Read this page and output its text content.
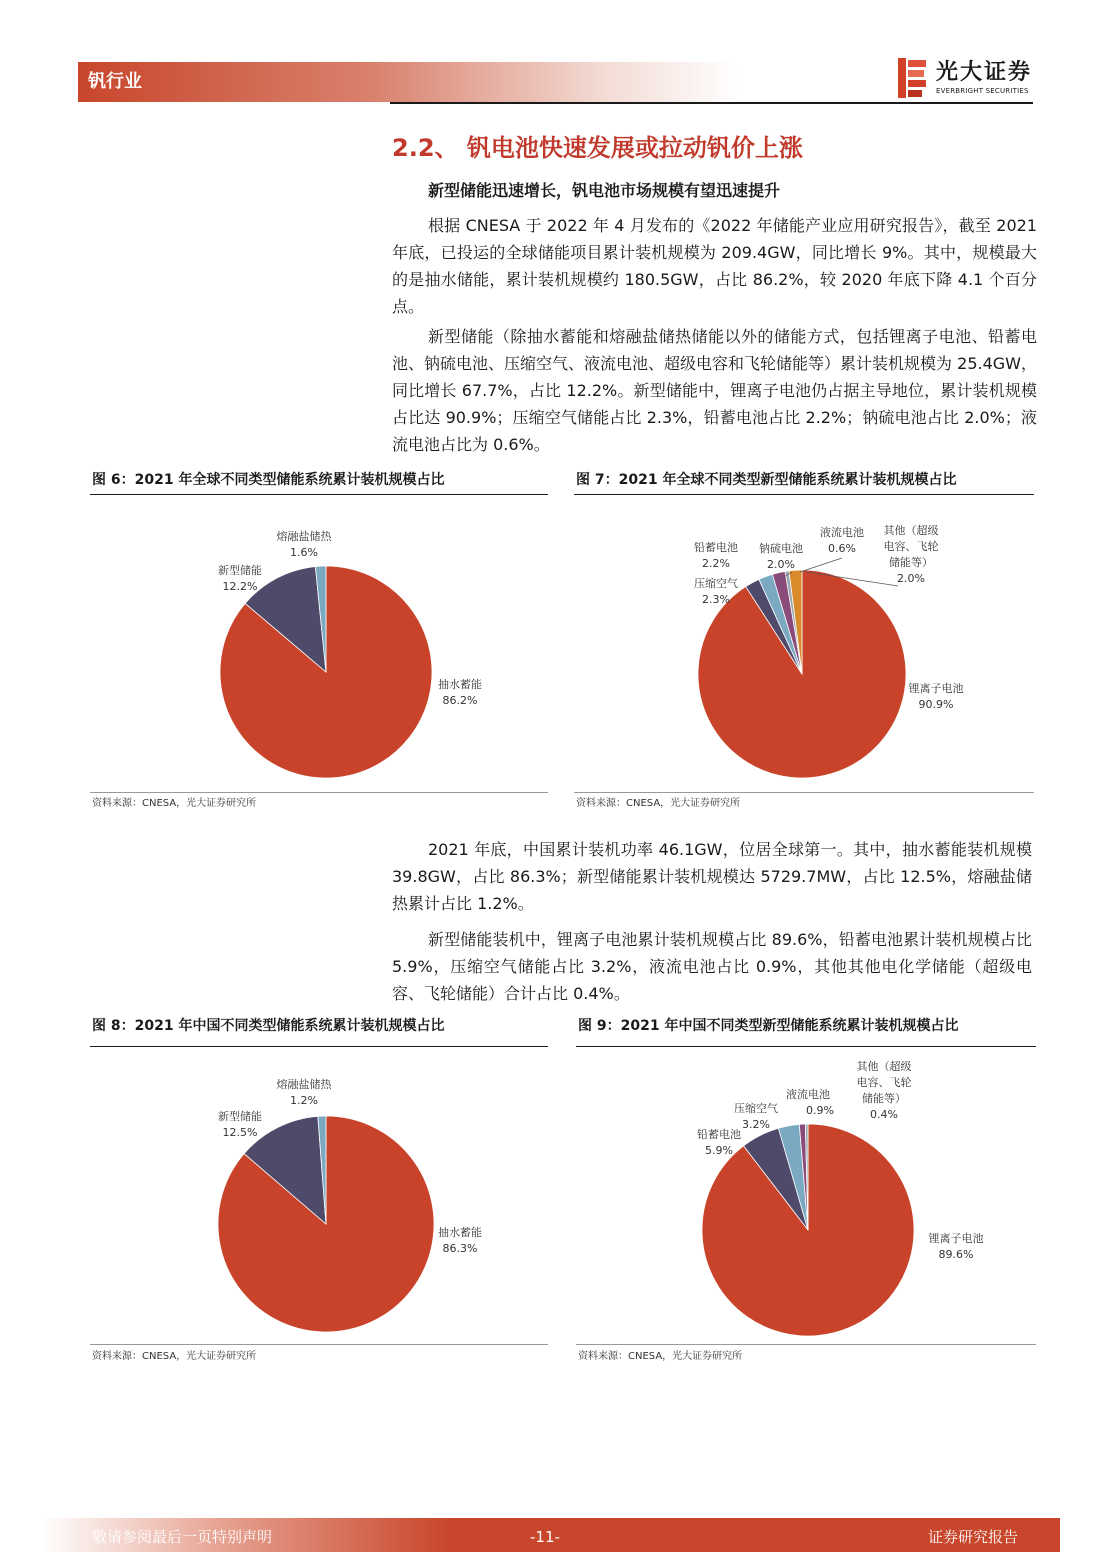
钒行业	光大证券
EVERBRIGHT SECURITIES
2.2、 钒电池快速发展或拉动钒价上涨
新型储能迅速增长，钒电池市场规模有望迅速提升

根据 CNESA 于 2022 年 4 月发布的《2022 年储能产业应用研究报告》，截至 2021 年底，已投运的全球储能项目累计装机规模为 209.4GW，同比增长 9%。其中，规模最大的是抽水储能，累计装机规模约 180.5GW，占比 86.2%，较 2020 年底下降 4.1 个百分点。

新型储能（除抽水蓄能和熔融盐储热储能以外的储能方式，包括锂离子电池、铅蓄电池、钠硫电池、压缩空气、液流电池、超级电容和飞轮储能等）累计装机规模为 25.4GW，同比增长 67.7%，占比 12.2%。新型储能中，锂离子电池仍占据主导地位，累计装机规模占比达 90.9%；压缩空气储能占比 2.3%，铅蓄电池占比 2.2%；钠硫电池占比 2.0%；液流电池占比为 0.6%。

图 6：2021 年全球不同类型储能系统累计装机规模占比	图 7：2021 年全球不同类型新型储能系统累计装机规模占比
抽水蓄能
86.2%
新型储能
12.2%
熔融盐储热
1.6%
锂离子电池
90.9%
压缩空气
2.3%
铅蓄电池
2.2%
钠硫电池
2.0%
液流电池
0.6%
其他（超级
电容、飞轮
储能等）
2.0%
资料来源：CNESA，光大证券研究所	资料来源：CNESA，光大证券研究所

2021 年底，中国累计装机功率 46.1GW，位居全球第一。其中，抽水蓄能装机规模 39.8GW，占比 86.3%；新型储能累计装机规模达 5729.7MW，占比 12.5%，熔融盐储热累计占比 1.2%。

新型储能装机中，锂离子电池累计装机规模占比 89.6%，铅蓄电池累计装机规模占比 5.9%，压缩空气储能占比 3.2%，液流电池占比 0.9%，其他其他电化学储能（超级电容、飞轮储能）合计占比 0.4%。

图 8：2021 年中国不同类型储能系统累计装机规模占比	图 9：2021 年中国不同类型新型储能系统累计装机规模占比
抽水蓄能
86.3%
新型储能
12.5%
熔融盐储热
1.2%
锂离子电池
89.6%
铅蓄电池
5.9%
压缩空气
3.2%
液流电池
0.9%
其他（超级
电容、飞轮
储能等）
0.4%
资料来源：CNESA，光大证券研究所	资料来源：CNESA，光大证券研究所
敬请参阅最后一页特别声明	-11-	证券研究报告
